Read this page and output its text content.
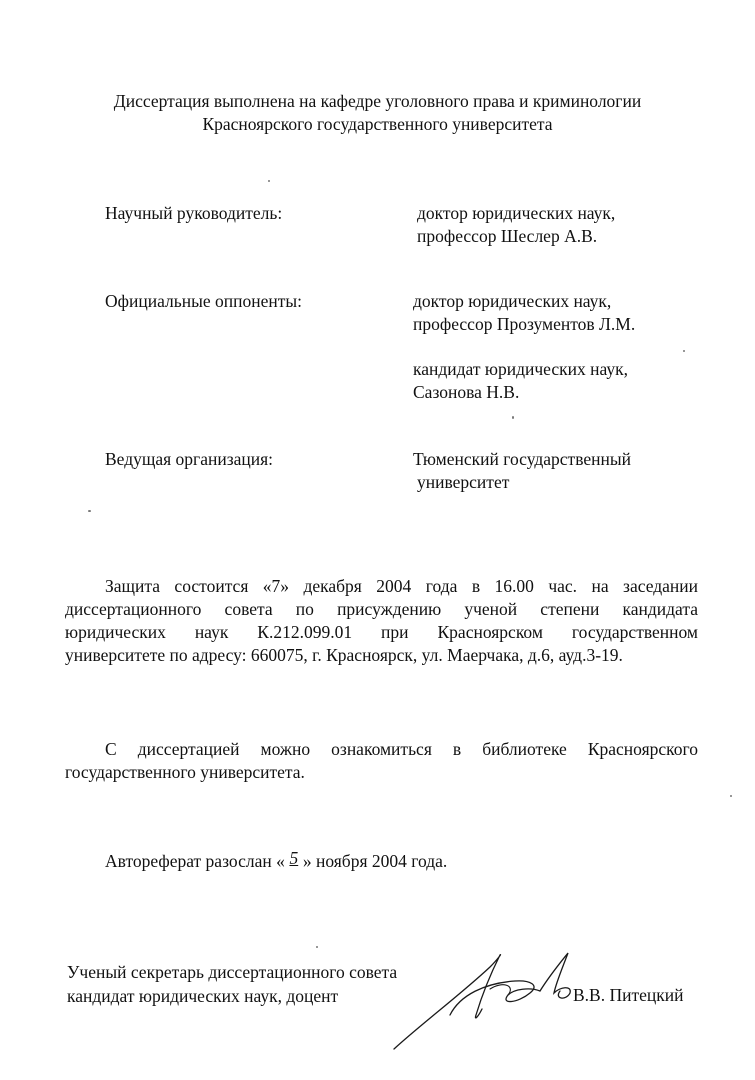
Диссертация выполнена на кафедре уголовного права и криминологии
Красноярского государственного университета
Научный руководитель:	доктор юридических наук,
профессор Шеслер А.В.
Официальные оппоненты:	доктор юридических наук,
профессор Прозументов Л.М.
кандидат юридических наук,
Сазонова Н.В.
Ведущая организация:	Тюменский государственный
университет
Защита состоится «7» декабря 2004 года в 16.00 час. на заседании
диссертационного совета по присуждению ученой степени кандидата
юридических наук К.212.099.01 при Красноярском государственном
университете по адресу: 660075, г. Красноярск, ул. Маерчака, д.6, ауд.3-19.
С диссертацией можно ознакомиться в библиотеке Красноярского
государственного университета.
Автореферат разослан « 5 » ноября 2004 года.
Ученый секретарь диссертационного совета
кандидат юридических наук, доцент	В.В. Питецкий
